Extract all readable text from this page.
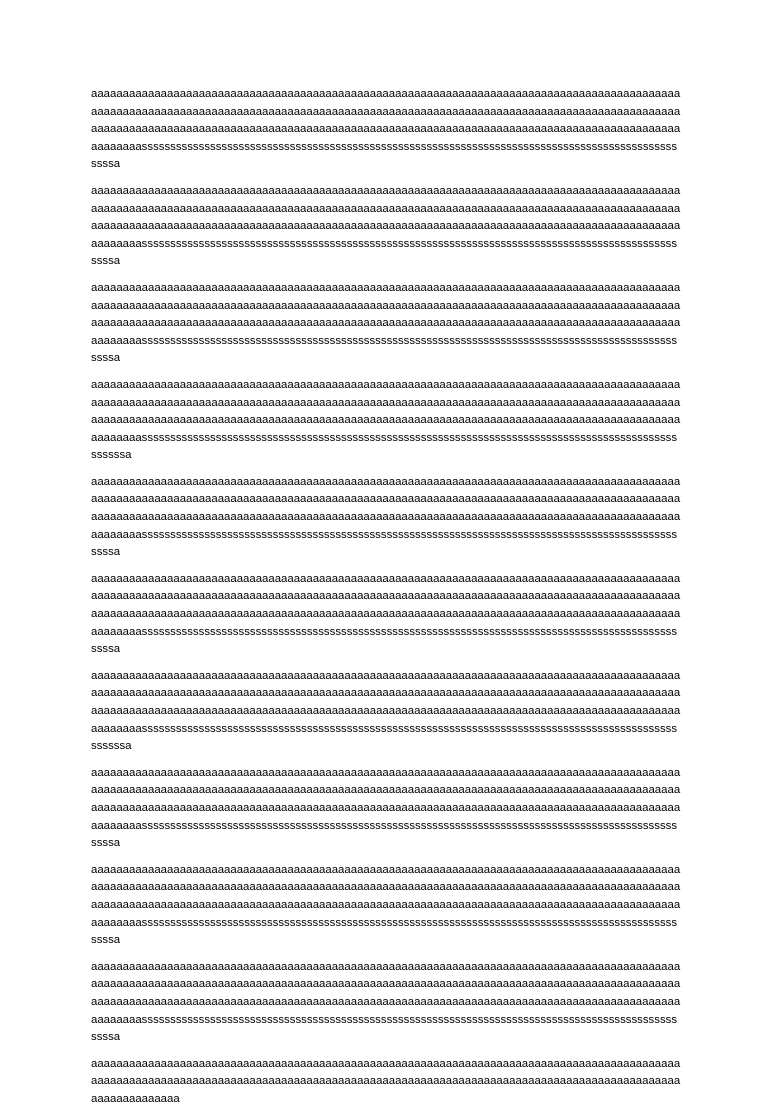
aaaaaaaaaaaaaaaaaaaaaaaaaaaaaaaaaaaaaaaaaaaaaaaaaaaaaaaaaaaaaaaaaaaaaaaaaaaaaaaaaaaaaaaaaaaaaaaaaaaaaaaaaaaaaaaaaaaaaaaaaaaaaaaaaaaaaaaaaaaaaaaaaaaaaaaaaaaaaaaaaaaaaaaaaaaaaaaaaaaaaaaaaaaaaaaaaaaaaaaaaaaaaaaaaaaaaaaaaaaaaaaaaaaaaaaaaaaaaaaaaaaaaaaaaaaaaaaaaaaaaaaaaaaaaaaaaaaaaaaaaaaaaaassssssssssssssssssssssssssssssssssssssssssssssssssssssssssssssssssssssssssssssssssssssssssssssssssa

aaaaaaaaaaaaaaaaaaaaaaaaaaaaaaaaaaaaaaaaaaaaaaaaaaaaaaaaaaaaaaaaaaaaaaaaaaaaaaaaaaaaaaaaaaaaaaaaaaaaaaaaaaaaaaaaaaaaaaaaaaaaaaaaaaaaaaaaaaaaaaaaaaaaaaaaaaaaaaaaaaaaaaaaaaaaaaaaaaaaaaaaaaaaaaaaaaaaaaaaaaaaaaaaaaaaaaaaaaaaaaaaaaaaaaaaaaaaaaaaaaaaaaaaaaaaaaaaaaaaaaaaaaaaaaaaaaaaaaaaaaaaaaassssssssssssssssssssssssssssssssssssssssssssssssssssssssssssssssssssssssssssssssssssssssssssssssssa

aaaaaaaaaaaaaaaaaaaaaaaaaaaaaaaaaaaaaaaaaaaaaaaaaaaaaaaaaaaaaaaaaaaaaaaaaaaaaaaaaaaaaaaaaaaaaaaaaaaaaaaaaaaaaaaaaaaaaaaaaaaaaaaaaaaaaaaaaaaaaaaaaaaaaaaaaaaaaaaaaaaaaaaaaaaaaaaaaaaaaaaaaaaaaaaaaaaaaaaaaaaaaaaaaaaaaaaaaaaaaaaaaaaaaaaaaaaaaaaaaaaaaaaaaaaaaaaaaaaaaaaaaaaaaaaaaaaaaaaaaaaaaaassssssssssssssssssssssssssssssssssssssssssssssssssssssssssssssssssssssssssssssssssssssssssssssssssa

aaaaaaaaaaaaaaaaaaaaaaaaaaaaaaaaaaaaaaaaaaaaaaaaaaaaaaaaaaaaaaaaaaaaaaaaaaaaaaaaaaaaaaaaaaaaaaaaaaaaaaaaaaaaaaaaaaaaaaaaaaaaaaaaaaaaaaaaaaaaaaaaaaaaaaaaaaaaaaaaaaaaaaaaaaaaaaaaaaaaaaaaaaaaaaaaaaaaaaaaaaaaaaaaaaaaaaaaaaaaaaaaaaaaaaaaaaaaaaaaaaaaaaaaaaaaaaaaaaaaaaaaaaaaaaaaaaaaaaaaaaaaaaassssssssssssssssssssssssssssssssssssssssssssssssssssssssssssssssssssssssssssssssssssssssssssssssssssa

aaaaaaaaaaaaaaaaaaaaaaaaaaaaaaaaaaaaaaaaaaaaaaaaaaaaaaaaaaaaaaaaaaaaaaaaaaaaaaaaaaaaaaaaaaaaaaaaaaaaaaaaaaaaaaaaaaaaaaaaaaaaaaaaaaaaaaaaaaaaaaaaaaaaaaaaaaaaaaaaaaaaaaaaaaaaaaaaaaaaaaaaaaaaaaaaaaaaaaaaaaaaaaaaaaaaaaaaaaaaaaaaaaaaaaaaaaaaaaaaaaaaaaaaaaaaaaaaaaaaaaaaaaaaaaaaaaaaaaaaaaaaaaassssssssssssssssssssssssssssssssssssssssssssssssssssssssssssssssssssssssssssssssssssssssssssssssssa

aaaaaaaaaaaaaaaaaaaaaaaaaaaaaaaaaaaaaaaaaaaaaaaaaaaaaaaaaaaaaaaaaaaaaaaaaaaaaaaaaaaaaaaaaaaaaaaaaaaaaaaaaaaaaaaaaaaaaaaaaaaaaaaaaaaaaaaaaaaaaaaaaaaaaaaaaaaaaaaaaaaaaaaaaaaaaaaaaaaaaaaaaaaaaaaaaaaaaaaaaaaaaaaaaaaaaaaaaaaaaaaaaaaaaaaaaaaaaaaaaaaaaaaaaaaaaaaaaaaaaaaaaaaaaaaaaaaaaaaaaaaaaaassssssssssssssssssssssssssssssssssssssssssssssssssssssssssssssssssssssssssssssssssssssssssssssssssa

aaaaaaaaaaaaaaaaaaaaaaaaaaaaaaaaaaaaaaaaaaaaaaaaaaaaaaaaaaaaaaaaaaaaaaaaaaaaaaaaaaaaaaaaaaaaaaaaaaaaaaaaaaaaaaaaaaaaaaaaaaaaaaaaaaaaaaaaaaaaaaaaaaaaaaaaaaaaaaaaaaaaaaaaaaaaaaaaaaaaaaaaaaaaaaaaaaaaaaaaaaaaaaaaaaaaaaaaaaaaaaaaaaaaaaaaaaaaaaaaaaaaaaaaaaaaaaaaaaaaaaaaaaaaaaaaaaaaaaaaaaaaaaassssssssssssssssssssssssssssssssssssssssssssssssssssssssssssssssssssssssssssssssssssssssssssssssssssa

aaaaaaaaaaaaaaaaaaaaaaaaaaaaaaaaaaaaaaaaaaaaaaaaaaaaaaaaaaaaaaaaaaaaaaaaaaaaaaaaaaaaaaaaaaaaaaaaaaaaaaaaaaaaaaaaaaaaaaaaaaaaaaaaaaaaaaaaaaaaaaaaaaaaaaaaaaaaaaaaaaaaaaaaaaaaaaaaaaaaaaaaaaaaaaaaaaaaaaaaaaaaaaaaaaaaaaaaaaaaaaaaaaaaaaaaaaaaaaaaaaaaaaaaaaaaaaaaaaaaaaaaaaaaaaaaaaaaaaaaaaaaaaassssssssssssssssssssssssssssssssssssssssssssssssssssssssssssssssssssssssssssssssssssssssssssssssssa

aaaaaaaaaaaaaaaaaaaaaaaaaaaaaaaaaaaaaaaaaaaaaaaaaaaaaaaaaaaaaaaaaaaaaaaaaaaaaaaaaaaaaaaaaaaaaaaaaaaaaaaaaaaaaaaaaaaaaaaaaaaaaaaaaaaaaaaaaaaaaaaaaaaaaaaaaaaaaaaaaaaaaaaaaaaaaaaaaaaaaaaaaaaaaaaaaaaaaaaaaaaaaaaaaaaaaaaaaaaaaaaaaaaaaaaaaaaaaaaaaaaaaaaaaaaaaaaaaaaaaaaaaaaaaaaaaaaaaaaaaaaaaaassssssssssssssssssssssssssssssssssssssssssssssssssssssssssssssssssssssssssssssssssssssssssssssssssa

aaaaaaaaaaaaaaaaaaaaaaaaaaaaaaaaaaaaaaaaaaaaaaaaaaaaaaaaaaaaaaaaaaaaaaaaaaaaaaaaaaaaaaaaaaaaaaaaaaaaaaaaaaaaaaaaaaaaaaaaaaaaaaaaaaaaaaaaaaaaaaaaaaaaaaaaaaaaaaaaaaaaaaaaaaaaaaaaaaaaaaaaaaaaaaaaaaaaaaaaaaaaaaaaaaaaaaaaaaaaaaaaaaaaaaaaaaaaaaaaaaaaaaaaaaaaaaaaaaaaaaaaaaaaaaaaaaaaaaaaaaaaaaassssssssssssssssssssssssssssssssssssssssssssssssssssssssssssssssssssssssssssssssssssssssssssssssssa

aaaaaaaaaaaaaaaaaaaaaaaaaaaaaaaaaaaaaaaaaaaaaaaaaaaaaaaaaaaaaaaaaaaaaaaaaaaaaaaaaaaaaaaaaaaaaaaaaaaaaaaaaaaaaaaaaaaaaaaaaaaaaaaaaaaaaaaaaaaaaaaaaaaaaaaaaaaaaaaaaaaaaaaaaaaaaaaaaaaaaaaaaaaaaaaaaaaaaaaa
